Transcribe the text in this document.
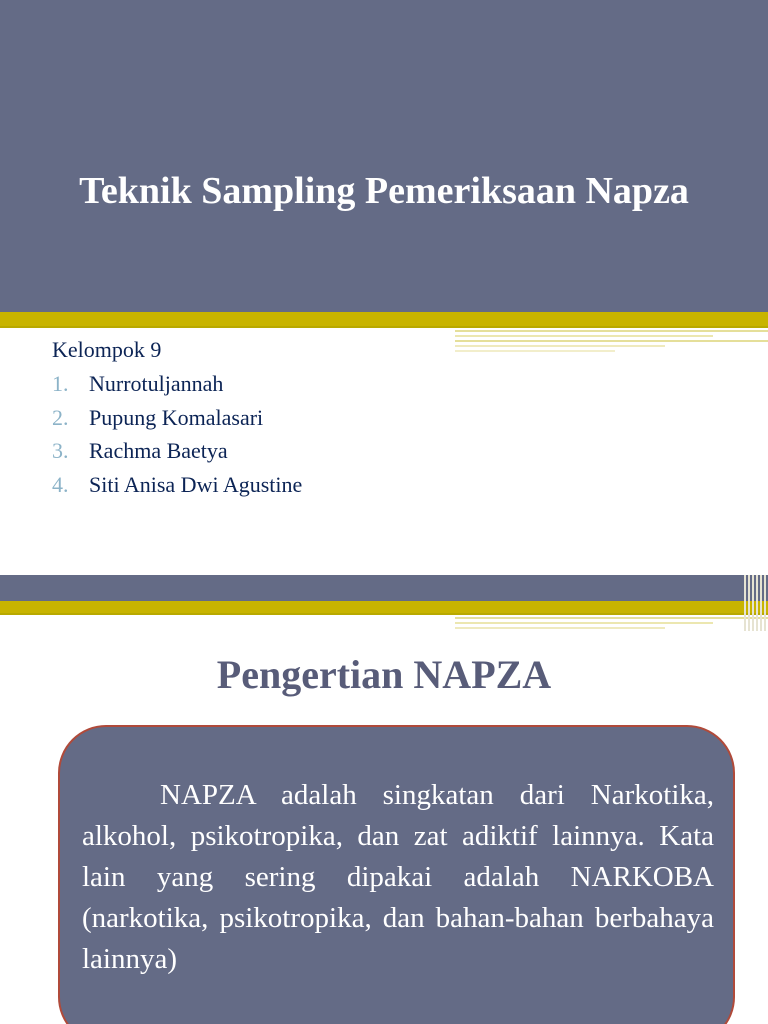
Teknik Sampling Pemeriksaan Napza
Kelompok 9
1. Nurrotuljannah
2. Pupung Komalasari
3. Rachma Baetya
4. Siti Anisa Dwi Agustine
Pengertian NAPZA

NAPZA adalah singkatan dari Narkotika, alkohol, psikotropika, dan zat adiktif lainnya. Kata lain yang sering dipakai adalah NARKOBA (narkotika, psikotropika, dan bahan-bahan berbahaya lainnya)
